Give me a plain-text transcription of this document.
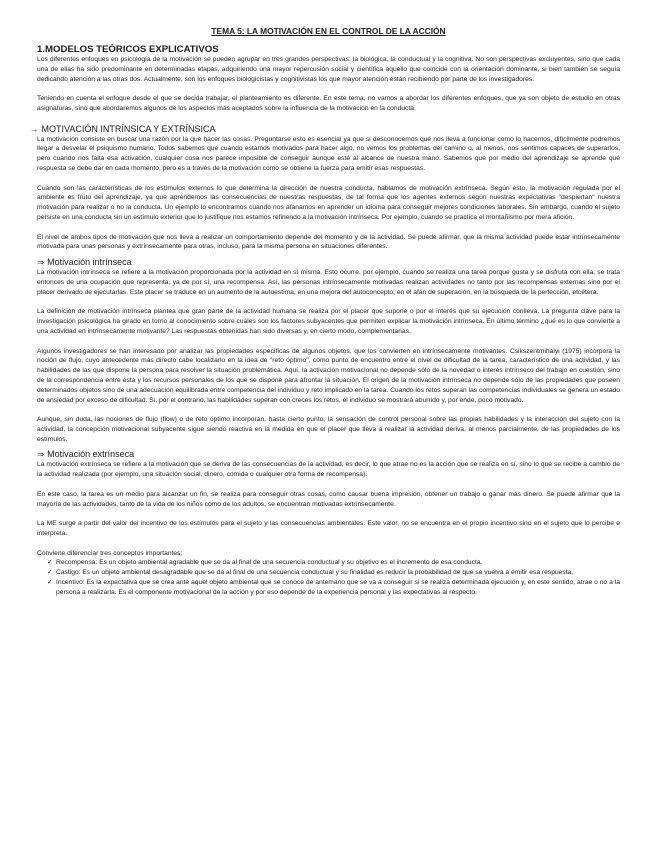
TEMA 5: LA MOTIVACIÓN EN EL CONTROL DE LA ACCIÓN
1.MODELOS TEÓRICOS EXPLICATIVOS

Los diferentes enfoques en psicología de la motivación se pueden agrupar en tres grandes perspectivas: la biológica, la conductual y la cognitiva. No son perspectivas excluyentes, sino que cada una de ellas ha sido predominante en determinadas etapas, adquiriendo una mayor repercusión social y científica aquello que coincide con la orientación dominante, si bien también se seguía dedicando atención a las otras dos. Actualmente, son los enfoques biologicistas y cognitivistas los que mayor atención están recibiendo por parte de los investigadores.

Teniendo en cuenta el enfoque desde el que se decida trabajar, el planteamiento es diferente. En este tema, no vamos a abordar los diferentes enfoques, que ya son objeto de estudio en otras asignaturas, sino que abordaremos algunos de los aspectos más aceptados sobre la influencia de la motivación en la conducta.

→ MOTIVACIÓN INTRÍNSICA Y EXTRÍNSICA

La motivación consiste en buscar una razón por la que hacer las cosas. Preguntarse esto es esencial ya que si desconocemos qué nos lleva a funcionar como lo hacemos, difícilmente podremos llegar a desvelar el psiquismo humano. Todos sabemos que cuando estamos motivados para hacer algo, no vemos los problemas del camino o, al menos, nos sentimos capaces de superarlos, pero cuando nos falta esa activación, cualquier cosa nos parece imposible de conseguir aunque esté al alcance de nuestra mano. Sabemos que por medio del aprendizaje se aprende qué respuesta se debe dar en cada momento, pero es a través de la motivación como se obtiene la fuerza para emitir esas respuestas.

Cuando son las características de los estímulos externos lo que determina la dirección de nuestra conducta, hablamos de motivación extrínseca. Según esto, la motivación regulada por el ambiente es fruto del aprendizaje, ya que aprendemos las consecuencias de nuestras respuestas, de tal forma que los agentes externos según nuestras expectativas "despiertan" nuestra motivación para realizar o no la conducta. Un ejemplo lo encontramos cuando nos afanamos en aprender un idioma para conseguir mejores condiciones laborales. Sin embargo, cuando el sujeto persiste en una conducta sin un estímulo exterior que lo justifique nos estamos refiriendo a la motivación intrínseca. Por ejemplo, cuando se practica el montañismo por mera afición.

El nivel de ambos tipos de motivación que nos lleva a realizar un comportamiento depende del momento y de la actividad. Se puede afirmar, que la misma actividad puede estar intrínsecamente motivada para unas personas y extrínsecamente para otras, incluso, para la misma persona en situaciones diferentes.

⇒ Motivación intrínseca

La motivación intrínseca se refiere a la motivación proporcionada por la actividad en sí misma. Esto ocurre, por ejemplo, cuando se realiza una tarea porque gusta y se disfruta con ella; se trata entonces de una ocupación que representa, ya de por sí, una recompensa. Así, las personas intrínsecamente motivadas realizan actividades no tanto por las recompensas externas sino por el placer derivado de ejecutarlas. Este placer se traduce en un aumento de la autoestima, en una mejora del autoconcepto, en el afán de superación, en la búsqueda de la perfección, etcétera.

La definición de motivación intrínseca plantea que gran parte de la actividad humana se realiza por el placer que supone o por el interés que su ejecución conlleva. La pregunta clave para la investigación psicológica ha girado en torno al conocimiento sobre cuáles son los factores subyacentes que permiten explicar la motivación intrínseca. En último término ¿qué es lo que convierte a una actividad en intrínsecamente motivante? Las respuestas obtenidas han sido diversas y, en cierto modo, complementarias.

Algunos investigadores se han interesado por analizar las propiedades específicas de algunos objetos, que los convierten en intrínsecamente motivantes. Csikszentmihalyi (1975) incorpora la noción de flujo, cuyo antecedente más directo cabe localizarlo en la idea de "reto óptimo", como punto de encuentro entre el nivel de dificultad de la tarea, característico de una actividad, y las habilidades de las que dispone la persona para resolver la situación problemática. Aquí, la activación motivacional no depende sólo de la novedad o interés intrínseco del trabajo en cuestión, sino de la correspondencia entre ésta y los recursos personales de los que se dispone para afrontar la situación. El origen de la motivación intrínseca no depende sólo de las propiedades que poseen determinados objetos sino de una adecuación equilibrada entre competencia del individuo y reto implicado en la tarea. Cuando los retos superan las competencias individuales se genera un estado de ansiedad por exceso de dificultad. Si, por el contrario, las habilidades superan con creces los retos, el individuo se mostrará aburrido y, por ende, poco motivado.

Aunque, sin duda, las nociones de flujo (flow) o de reto óptimo incorporan, hasta cierto punto, la sensación de control personal sobre las propias habilidades y la interacción del sujeto con la actividad, la concepción motivacional subyacente sigue siendo reactiva en la medida en que el placer que lleva a realizar la actividad deriva, al menos parcialmente, de las propiedades de los estímulos.

⇒ Motivación extrínseca

La motivación extrínseca se refiere a la motivación que se deriva de las consecuencias de la actividad, es decir, lo que atrae no es la acción que se realiza en sí, sino lo que se recibe a cambio de la actividad realizada (por ejemplo, una situación social, dinero, comida o cualquier otra forma de recompensa).

En este caso, la tarea es un medio para alcanzar un fin, se realiza para conseguir otras cosas, como causar buena impresión, obtener un trabajo o ganar más dinero. Se puede afirmar que la mayoría de las actividades, tanto de la vida de los niños como de los adultos, se encuentran motivadas extrínsecamente.

La ME surge a partir del valor del incentivo de los estímulos para el sujeto y las consecuencias ambientales. Este valor, no se encuentra en el propio incentivo sino en el sujeto que lo percibe e interpreta.

Conviene diferenciar tres conceptos importantes:

✓ Recompensa: Es un objeto ambiental agradable que se da al final de una secuencia conductual y su objetivo es el incremento de esa conducta.
✓ Castigo: Es un objeto ambiental desagradable que se da al final de una secuencia conductual y su finalidad es reducir la probabilidad de que se vuelva a emitir esa respuesta.
✓ Incentivo: Es la expectativa que se crea ante aquel objeto ambiental que se conoce de antemano que se va a conseguir si se realiza determinada ejecución y, en este sentido, atrae o no a la persona a realizarla. Es el componente motivacional de la acción y por eso depende de la experiencia personal y las expectativas al respecto.
